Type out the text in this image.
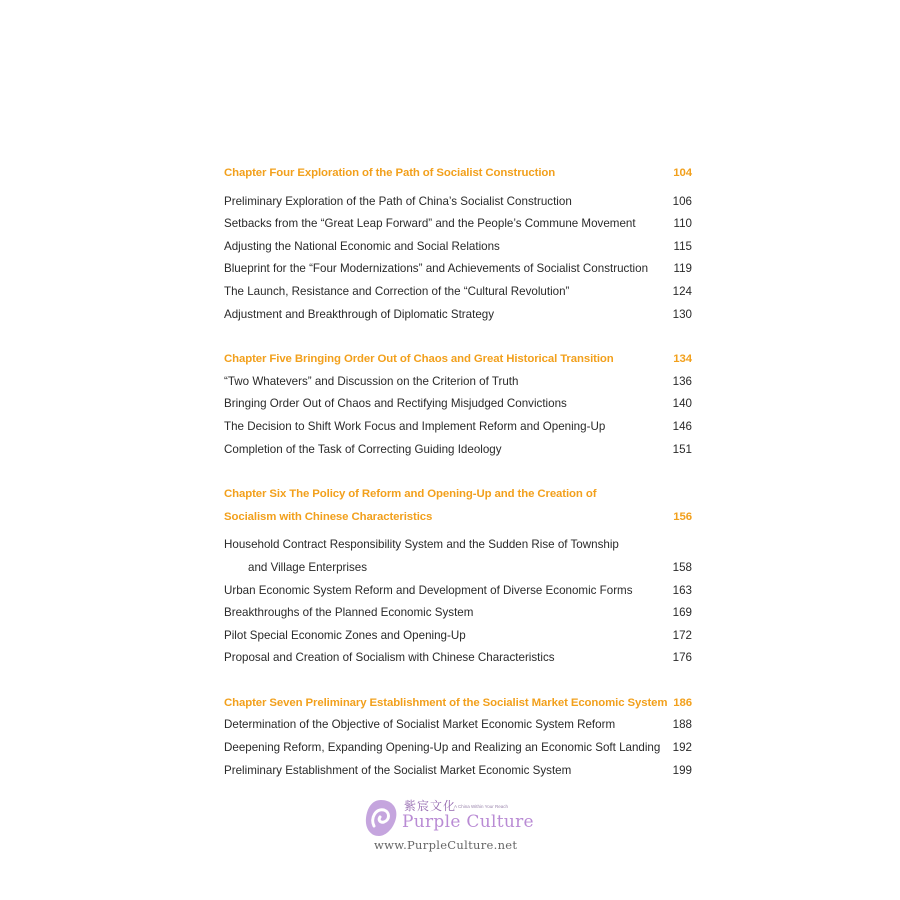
Chapter Four Exploration of the Path of Socialist Construction	104
Preliminary Exploration of the Path of China’s Socialist Construction	106
Setbacks from the “Great Leap Forward” and the People’s Commune Movement	110
Adjusting the National Economic and Social Relations	115
Blueprint for the “Four Modernizations” and Achievements of Socialist Construction	119
The Launch, Resistance and Correction of the “Cultural Revolution”	124
Adjustment and Breakthrough of Diplomatic Strategy	130
Chapter Five Bringing Order Out of Chaos and Great Historical Transition	134
“Two Whatevers” and Discussion on the Criterion of Truth	136
Bringing Order Out of Chaos and Rectifying Misjudged Convictions	140
The Decision to Shift Work Focus and Implement Reform and Opening-Up	146
Completion of the Task of Correcting Guiding Ideology	151
Chapter Six The Policy of Reform and Opening-Up and the Creation of
Socialism with Chinese Characteristics	156
Household Contract Responsibility System and the Sudden Rise of Township
and Village Enterprises	158
Urban Economic System Reform and Development of Diverse Economic Forms	163
Breakthroughs of the Planned Economic System	169
Pilot Special Economic Zones and Opening-Up	172
Proposal and Creation of Socialism with Chinese Characteristics	176
Chapter Seven Preliminary Establishment of the Socialist Market Economic System 186
Determination of the Objective of Socialist Market Economic System Reform	188
Deepening Reform, Expanding Opening-Up and Realizing an Economic Soft Landing	192
Preliminary Establishment of the Socialist Market Economic System	199
紫宸文化
A China Within Your Reach
Purple Culture
www.PurpleCulture.net
